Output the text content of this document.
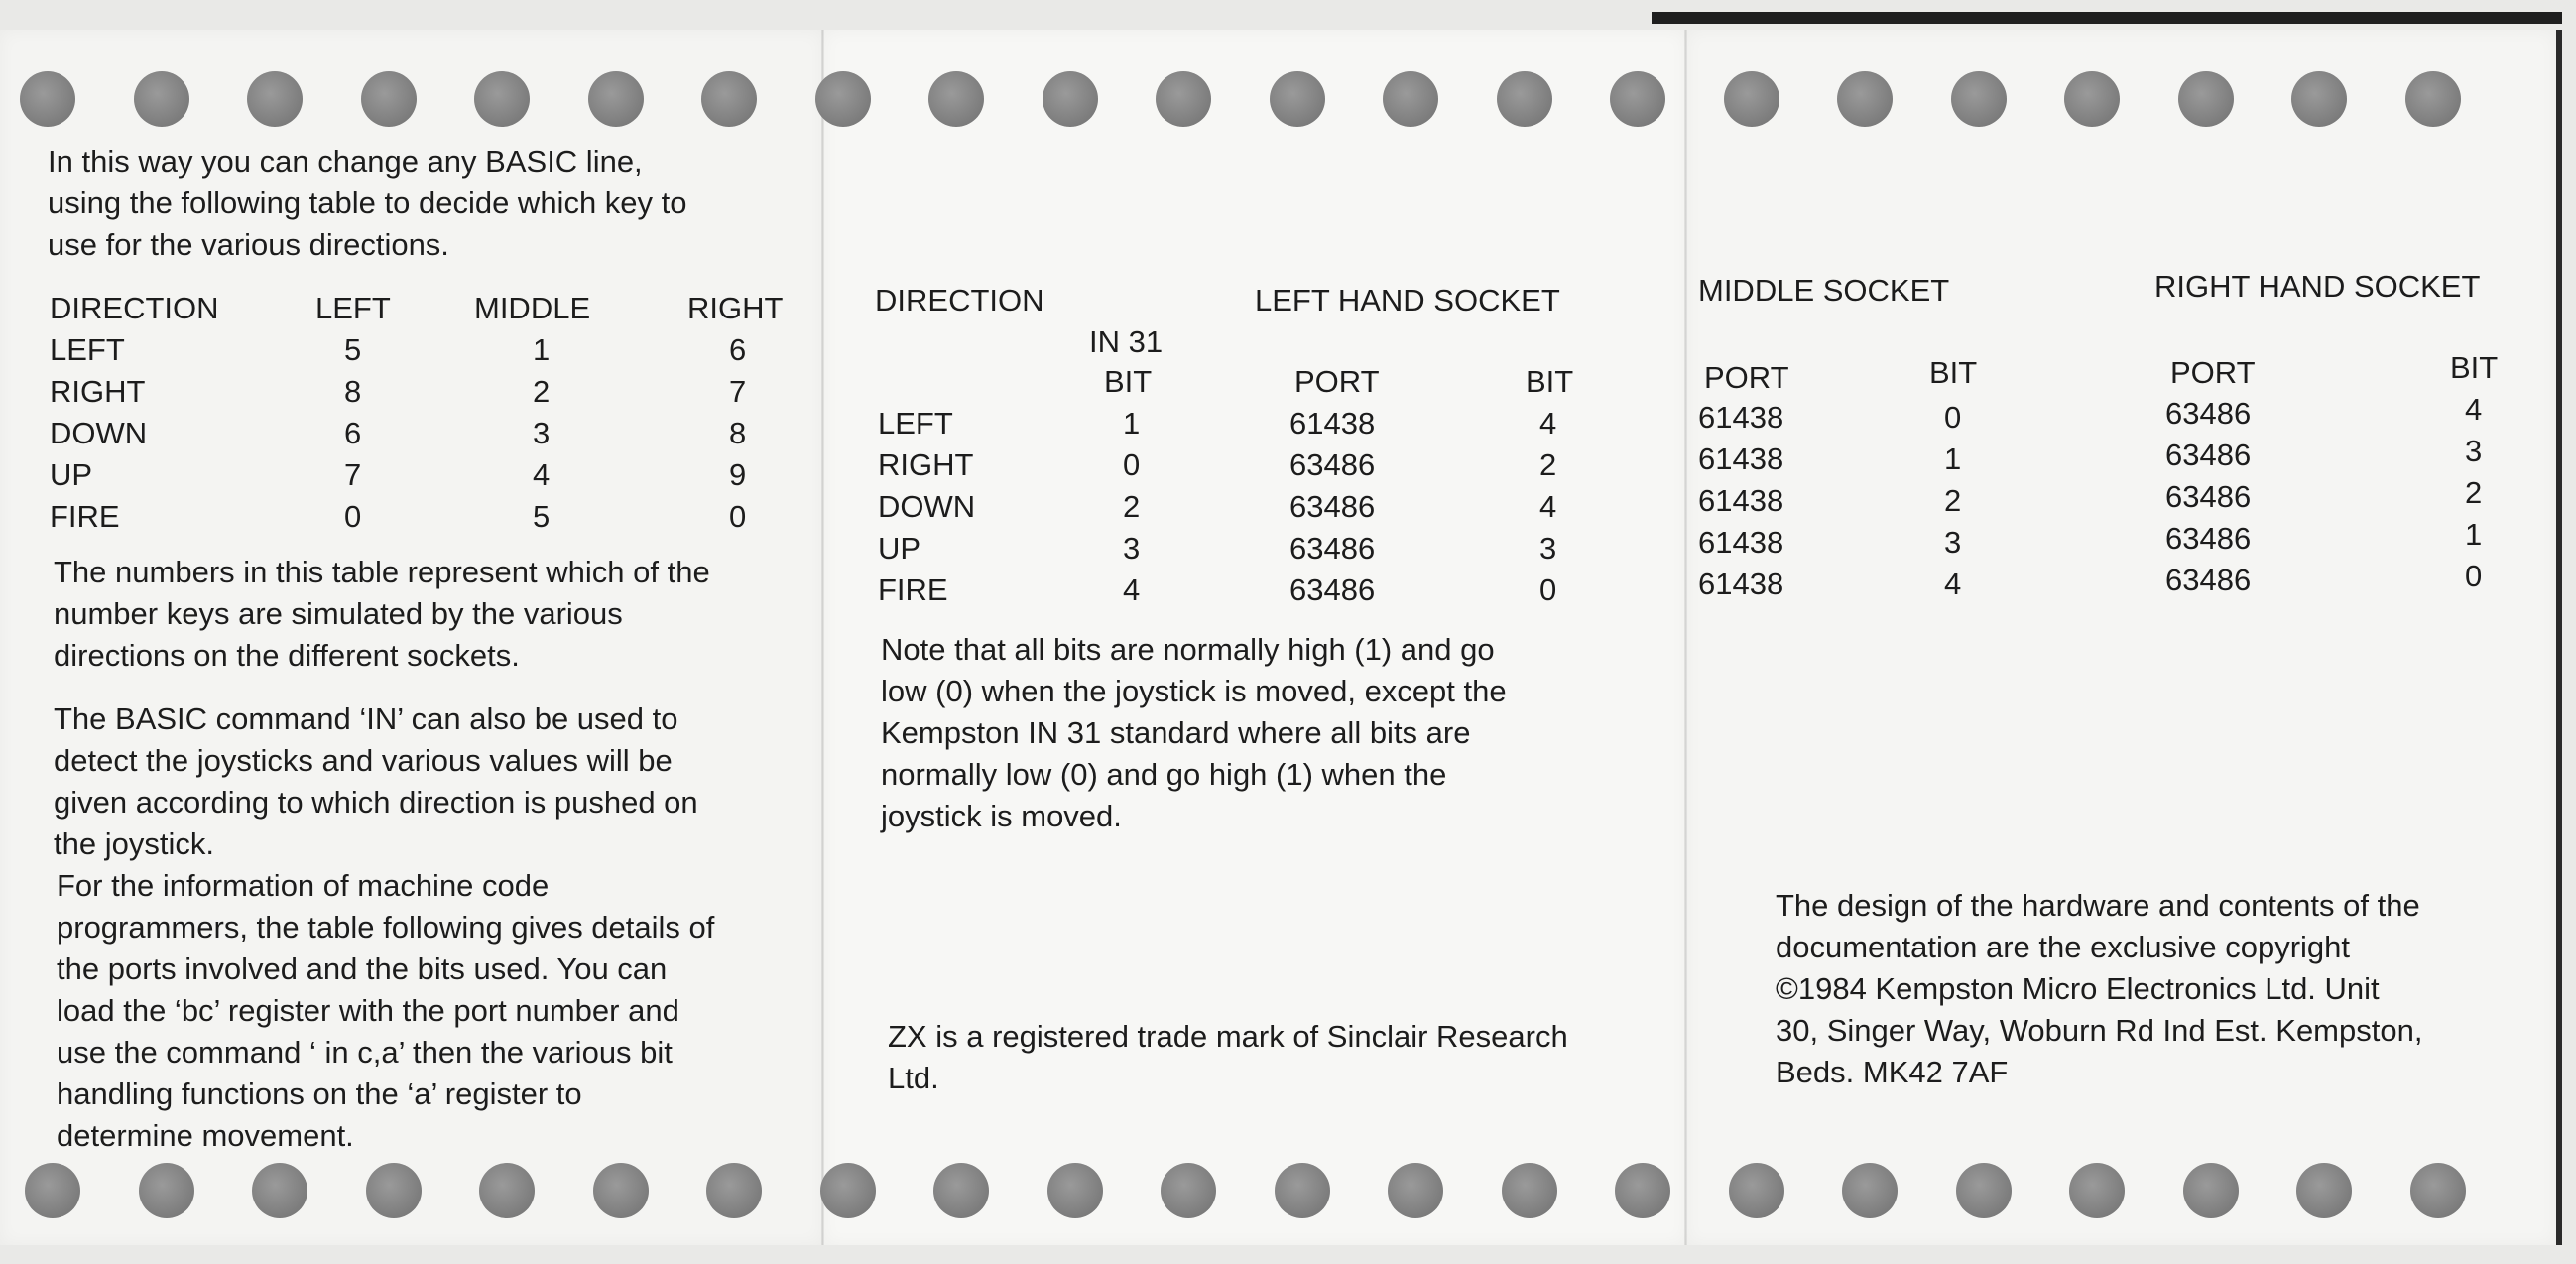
In this way you can change any BASIC line,

using the following table to decide which key to

use for the various directions.

DIRECTION	LEFT	MIDDLE	RIGHT
LEFT	5	1	6
RIGHT	8	2	7
DOWN	6	3	8
UP	7	4	9
FIRE	0	5	0

The numbers in this table represent which of the

number keys are simulated by the various

directions on the different sockets.

The BASIC command ‘IN’ can also be used to

detect the joysticks and various values will be

given according to which direction is pushed on

the joystick.

For the information of machine code

programmers, the table following gives details of

the ports involved and the bits used. You can

load the ‘bc’ register with the port number and

use the command ‘ in c,a’ then the various bit

handling functions on the ‘a’ register to

determine movement.

DIRECTION	LEFT HAND SOCKET
IN 31
BIT	PORT	BIT
LEFT	1	61438	4
RIGHT	0	63486	2
DOWN	2	63486	4
UP	3	63486	3
FIRE	4	63486	0

Note that all bits are normally high (1) and go

low (0) when the joystick is moved, except the

Kempston IN 31 standard where all bits are

normally low (0) and go high (1) when the

joystick is moved.

ZX is a registered trade mark of Sinclair Research

Ltd.

MIDDLE SOCKET	RIGHT HAND SOCKET
PORT	BIT	PORT	BIT
61438	0	63486	4
61438	1	63486	3
61438	2	63486	2
61438	3	63486	1
61438	4	63486	0

The design of the hardware and contents of the

documentation are the exclusive copyright

©1984 Kempston Micro Electronics Ltd. Unit

30, Singer Way, Woburn Rd Ind Est. Kempston,

Beds. MK42 7AF
